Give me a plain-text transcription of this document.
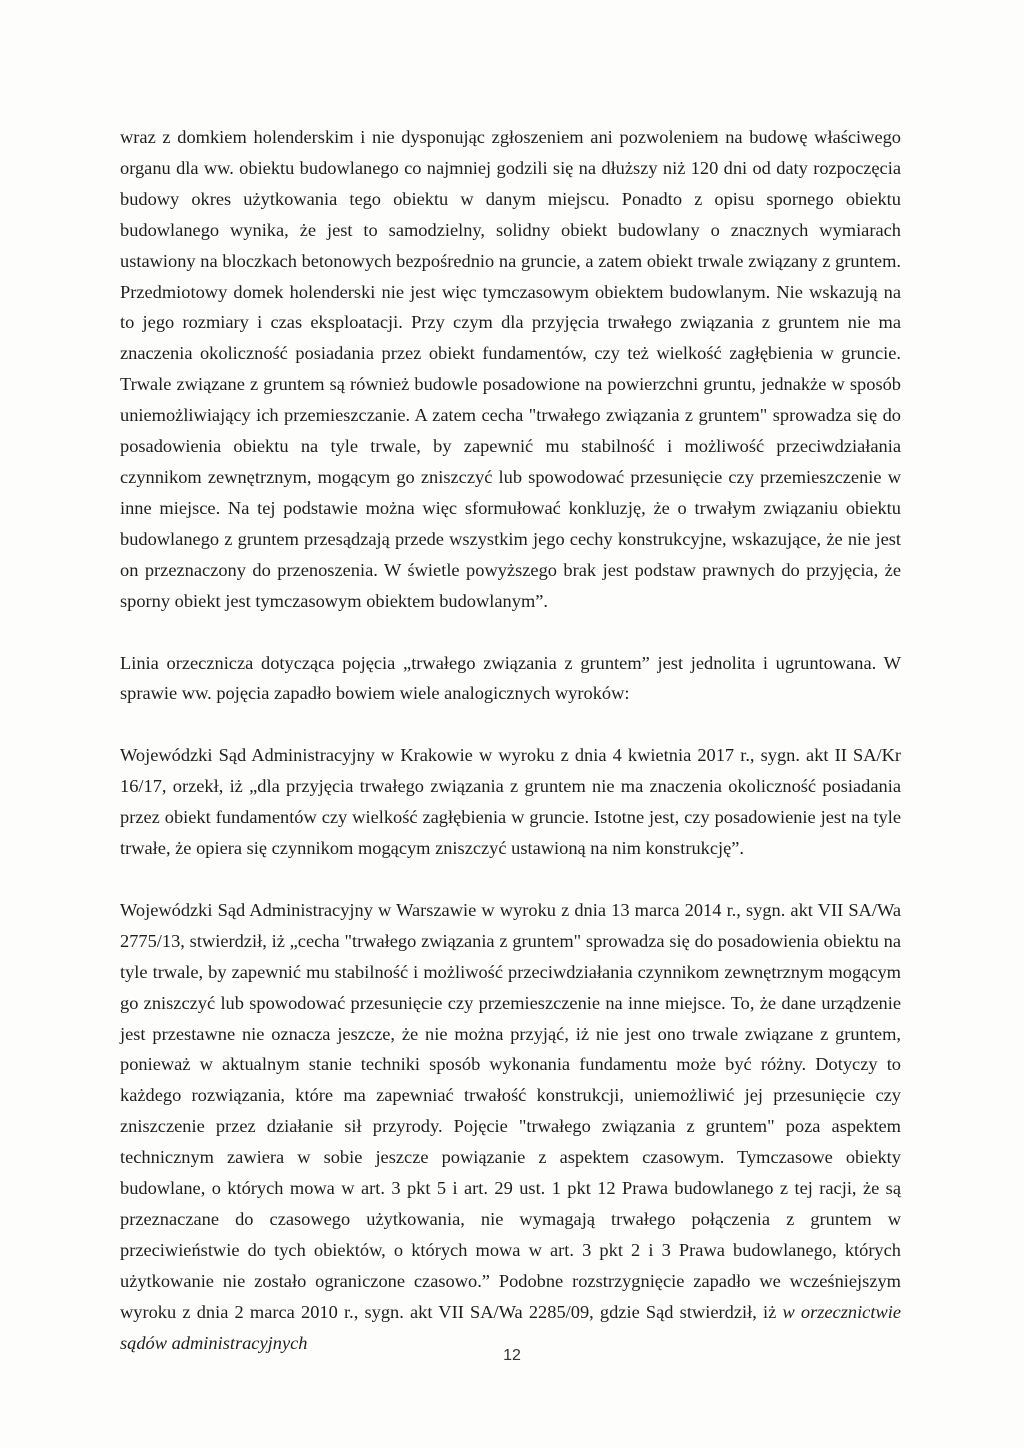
wraz z domkiem holenderskim i nie dysponując zgłoszeniem ani pozwoleniem na budowę właściwego organu dla ww. obiektu budowlanego co najmniej godzili się na dłuższy niż 120 dni od daty rozpoczęcia budowy okres użytkowania tego obiektu w danym miejscu. Ponadto z opisu spornego obiektu budowlanego wynika, że jest to samodzielny, solidny obiekt budowlany o znacznych wymiarach ustawiony na bloczkach betonowych bezpośrednio na gruncie, a zatem obiekt trwale związany z gruntem. Przedmiotowy domek holenderski nie jest więc tymczasowym obiektem budowlanym. Nie wskazują na to jego rozmiary i czas eksploatacji. Przy czym dla przyjęcia trwałego związania z gruntem nie ma znaczenia okoliczność posiadania przez obiekt fundamentów, czy też wielkość zagłębienia w gruncie. Trwale związane z gruntem są również budowle posadowione na powierzchni gruntu, jednakże w sposób uniemożliwiający ich przemieszczanie. A zatem cecha "trwałego związania z gruntem" sprowadza się do posadowienia obiektu na tyle trwale, by zapewnić mu stabilność i możliwość przeciwdziałania czynnikom zewnętrznym, mogącym go zniszczyć lub spowodować przesunięcie czy przemieszczenie w inne miejsce. Na tej podstawie można więc sformułować konkluzję, że o trwałym związaniu obiektu budowlanego z gruntem przesądzają przede wszystkim jego cechy konstrukcyjne, wskazujące, że nie jest on przeznaczony do przenoszenia. W świetle powyższego brak jest podstaw prawnych do przyjęcia, że sporny obiekt jest tymczasowym obiektem budowlanym”.

Linia orzecznicza dotycząca pojęcia „trwałego związania z gruntem” jest jednolita i ugruntowana. W sprawie ww. pojęcia zapadło bowiem wiele analogicznych wyroków:

Wojewódzki Sąd Administracyjny w Krakowie w wyroku z dnia 4 kwietnia 2017 r., sygn. akt II SA/Kr 16/17, orzekł, iż „dla przyjęcia trwałego związania z gruntem nie ma znaczenia okoliczność posiadania przez obiekt fundamentów czy wielkość zagłębienia w gruncie. Istotne jest, czy posadowienie jest na tyle trwałe, że opiera się czynnikom mogącym zniszczyć ustawioną na nim konstrukcję”.

Wojewódzki Sąd Administracyjny w Warszawie w wyroku z dnia 13 marca 2014 r., sygn. akt VII SA/Wa 2775/13, stwierdził, iż „cecha "trwałego związania z gruntem" sprowadza się do posadowienia obiektu na tyle trwale, by zapewnić mu stabilność i możliwość przeciwdziałania czynnikom zewnętrznym mogącym go zniszczyć lub spowodować przesunięcie czy przemieszczenie na inne miejsce. To, że dane urządzenie jest przestawne nie oznacza jeszcze, że nie można przyjąć, iż nie jest ono trwale związane z gruntem, ponieważ w aktualnym stanie techniki sposób wykonania fundamentu może być różny. Dotyczy to każdego rozwiązania, które ma zapewniać trwałość konstrukcji, uniemożliwić jej przesunięcie czy zniszczenie przez działanie sił przyrody. Pojęcie "trwałego związania z gruntem" poza aspektem technicznym zawiera w sobie jeszcze powiązanie z aspektem czasowym. Tymczasowe obiekty budowlane, o których mowa w art. 3 pkt 5 i art. 29 ust. 1 pkt 12 Prawa budowlanego z tej racji, że są przeznaczane do czasowego użytkowania, nie wymagają trwałego połączenia z gruntem w przeciwieństwie do tych obiektów, o których mowa w art. 3 pkt 2 i 3 Prawa budowlanego, których użytkowanie nie zostało ograniczone czasowo.” Podobne rozstrzygnięcie zapadło we wcześniejszym wyroku z dnia 2 marca 2010 r., sygn. akt VII SA/Wa 2285/09, gdzie Sąd stwierdził, iż w orzecznictwie sądów administracyjnych

12
